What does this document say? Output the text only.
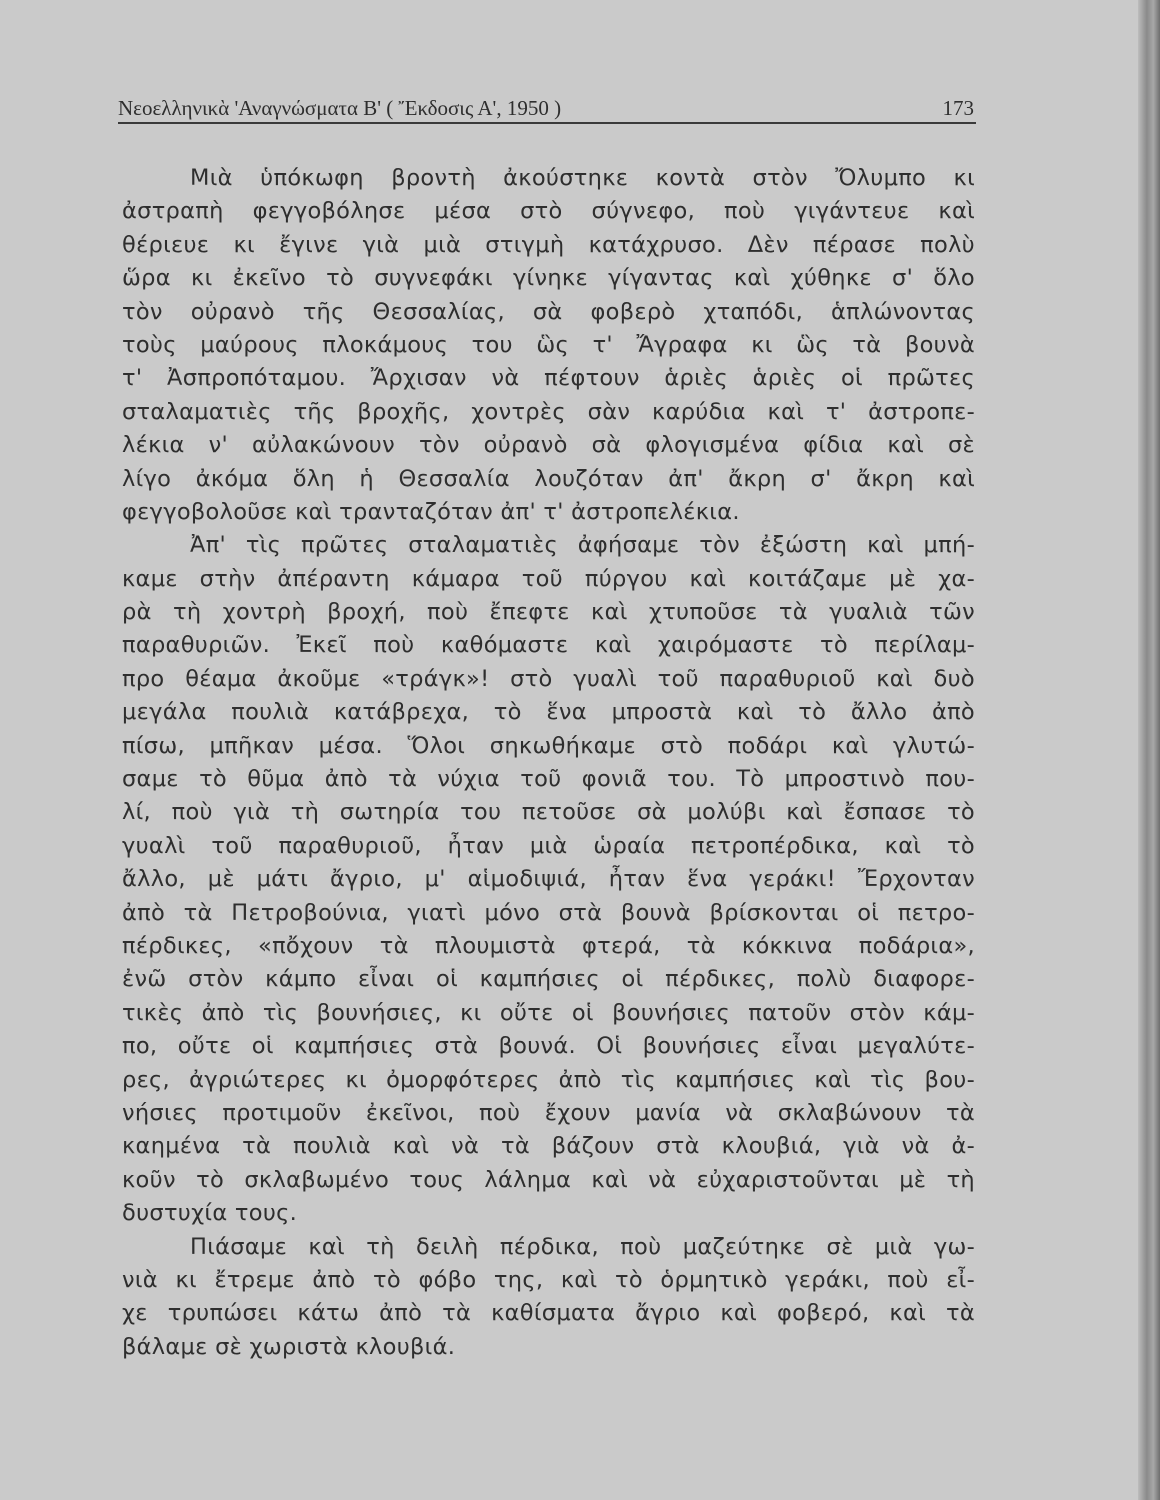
Νεοελληνικὰ 'Αναγνώσματα Β' ( Ἔκδοσις Α', 1950 )	173
Μιὰ ὑπόκωφη βροντὴ ἀκούστηκε κοντὰ στὸν Ὄλυμπο κι
ἀστραπὴ φεγγοβόλησε μέσα στὸ σύγνεφο, ποὺ γιγάντευε καὶ
θέριευε κι ἔγινε γιὰ μιὰ στιγμὴ κατάχρυσο. Δὲν πέρασε πολὺ
ὥρα κι ἐκεῖνο τὸ συγνεφάκι γίνηκε γίγαντας καὶ χύθηκε σ' ὅλο
τὸν οὐρανὸ τῆς Θεσσαλίας, σὰ φοβερὸ χταπόδι, ἁπλώνοντας
τοὺς μαύρους πλοκάμους του ὣς τ' Ἄγραφα κι ὣς τὰ βουνὰ
τ' Ἀσπροπόταμου. Ἄρχισαν νὰ πέφτουν ἁριὲς ἁριὲς οἱ πρῶτες
σταλαματιὲς τῆς βροχῆς, χοντρὲς σὰν καρύδια καὶ τ' ἀστροπε-
λέκια ν' αὐλακώνουν τὸν οὐρανὸ σὰ φλογισμένα φίδια καὶ σὲ
λίγο ἀκόμα ὅλη ἡ Θεσσαλία λουζόταν ἀπ' ἄκρη σ' ἄκρη καὶ
φεγγοβολοῦσε καὶ τρανταζόταν ἀπ' τ' ἀστροπελέκια.
Ἀπ' τὶς πρῶτες σταλαματιὲς ἀφήσαμε τὸν ἐξώστη καὶ μπή-
καμε στὴν ἀπέραντη κάμαρα τοῦ πύργου καὶ κοιτάζαμε μὲ χα-
ρὰ τὴ χοντρὴ βροχή, ποὺ ἔπεφτε καὶ χτυποῦσε τὰ γυαλιὰ τῶν
παραθυριῶν. Ἐκεῖ ποὺ καθόμαστε καὶ χαιρόμαστε τὸ περίλαμ-
προ θέαμα ἀκοῦμε «τράγκ»! στὸ γυαλὶ τοῦ παραθυριοῦ καὶ δυὸ
μεγάλα πουλιὰ κατάβρεχα, τὸ ἕνα μπροστὰ καὶ τὸ ἄλλο ἀπὸ
πίσω, μπῆκαν μέσα. Ὅλοι σηκωθήκαμε στὸ ποδάρι καὶ γλυτώ-
σαμε τὸ θῦμα ἀπὸ τὰ νύχια τοῦ φονιᾶ του. Τὸ μπροστινὸ που-
λί, ποὺ γιὰ τὴ σωτηρία του πετοῦσε σὰ μολύβι καὶ ἔσπασε τὸ
γυαλὶ τοῦ παραθυριοῦ, ἦταν μιὰ ὡραία πετροπέρδικα, καὶ τὸ
ἄλλο, μὲ μάτι ἄγριο, μ' αἱμοδιψιά, ἦταν ἕνα γεράκι! Ἔρχονταν
ἀπὸ τὰ Πετροβούνια, γιατὶ μόνο στὰ βουνὰ βρίσκονται οἱ πετρο-
πέρδικες, «πὄχουν τὰ πλουμιστὰ φτερά, τὰ κόκκινα ποδάρια»,
ἐνῶ στὸν κάμπο εἶναι οἱ καμπήσιες οἱ πέρδικες, πολὺ διαφορε-
τικὲς ἀπὸ τὶς βουνήσιες, κι οὔτε οἱ βουνήσιες πατοῦν στὸν κάμ-
πο, οὔτε οἱ καμπήσιες στὰ βουνά. Οἱ βουνήσιες εἶναι μεγαλύτε-
ρες, ἀγριώτερες κι ὀμορφότερες ἀπὸ τὶς καμπήσιες καὶ τὶς βου-
νήσιες προτιμοῦν ἐκεῖνοι, ποὺ ἔχουν μανία νὰ σκλαβώνουν τὰ
καημένα τὰ πουλιὰ καὶ νὰ τὰ βάζουν στὰ κλουβιά, γιὰ νὰ ἀ-
κοῦν τὸ σκλαβωμένο τους λάλημα καὶ νὰ εὐχαριστοῦνται μὲ τὴ
δυστυχία τους.
Πιάσαμε καὶ τὴ δειλὴ πέρδικα, ποὺ μαζεύτηκε σὲ μιὰ γω-
νιὰ κι ἔτρεμε ἀπὸ τὸ φόβο της, καὶ τὸ ὁρμητικὸ γεράκι, ποὺ εἶ-
χε τρυπώσει κάτω ἀπὸ τὰ καθίσματα ἄγριο καὶ φοβερό, καὶ τὰ
βάλαμε σὲ χωριστὰ κλουβιά.
